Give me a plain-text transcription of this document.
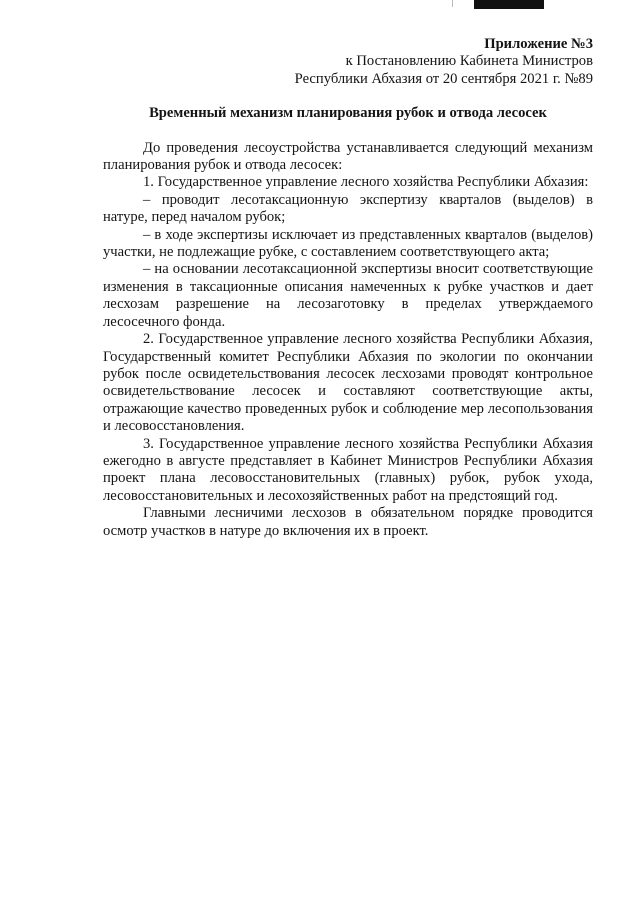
Приложение №3
к Постановлению Кабинета Министров
Республики Абхазия от 20 сентября 2021 г. №89
Временный механизм планирования рубок и отвода лесосек

До проведения лесоустройства устанавливается следующий механизм планирования рубок и отвода лесосек:

1. Государственное управление лесного хозяйства Республики Абхазия:

– проводит лесотаксационную экспертизу кварталов (выделов) в натуре, перед началом рубок;

– в ходе экспертизы исключает из представленных кварталов (выделов) участки, не подлежащие рубке, с составлением соответствующего акта;

– на основании лесотаксационной экспертизы вносит соответствующие изменения в таксационные описания намеченных к рубке участков и дает лесхозам разрешение на лесозаготовку в пределах утверждаемого лесосечного фонда.

2. Государственное управление лесного хозяйства Республики Абхазия, Государственный комитет Республики Абхазия по экологии по окончании рубок после освидетельствования лесосек лесхозами проводят контрольное освидетельствование лесосек и составляют соответствующие акты, отражающие качество проведенных рубок и соблюдение мер лесопользования и лесовосстановления.

3. Государственное управление лесного хозяйства Республики Абхазия ежегодно в августе представляет в Кабинет Министров Республики Абхазия проект плана лесовосстановительных (главных) рубок, рубок ухода, лесовосстановительных и лесохозяйственных работ на предстоящий год.

Главными лесничими лесхозов в обязательном порядке проводится осмотр участков в натуре до включения их в проект.
